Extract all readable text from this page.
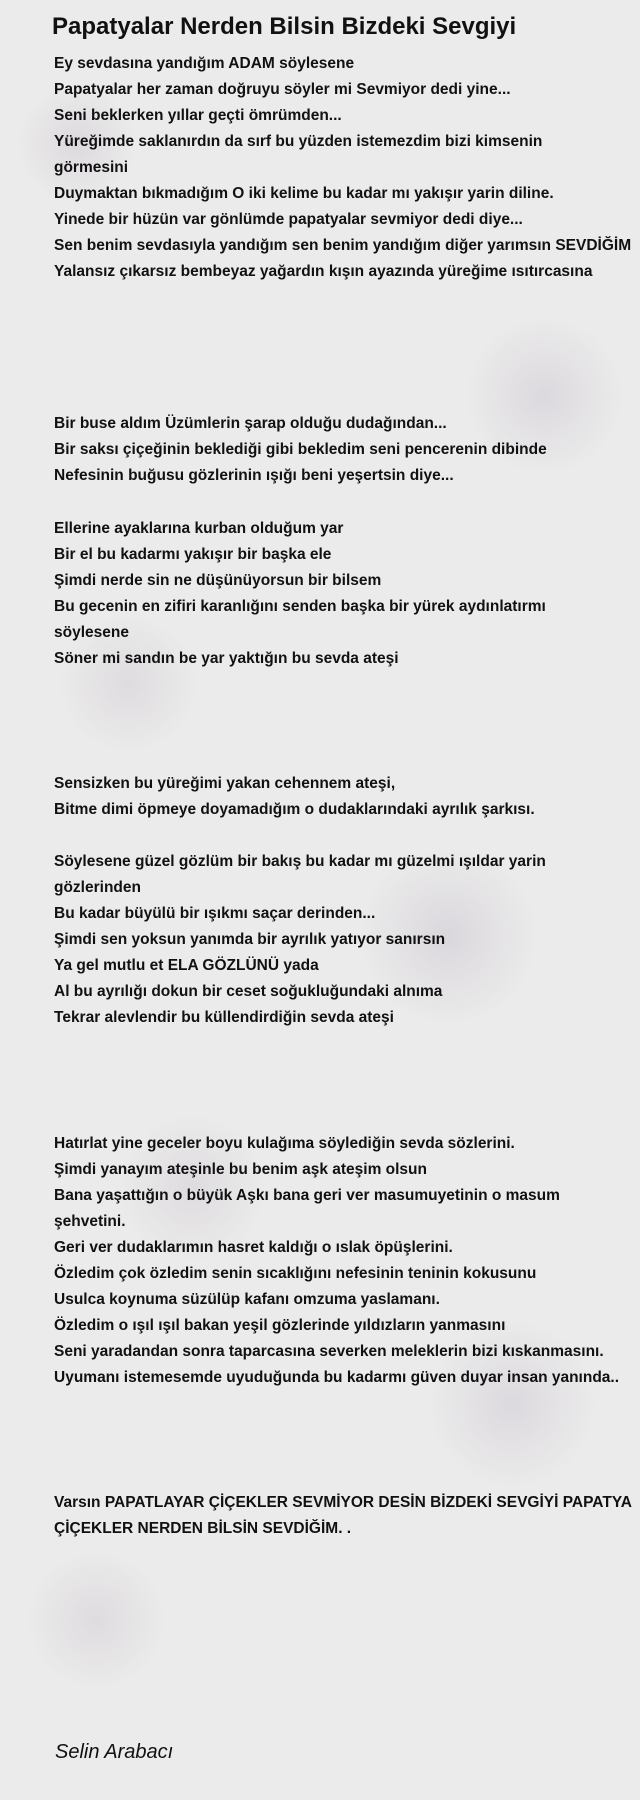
Papatyalar Nerden Bilsin Bizdeki Sevgiyi
Ey sevdasına yandığım ADAM söylesene
Papatyalar her zaman doğruyu söyler mi Sevmiyor dedi yine...
Seni beklerken yıllar geçti ömrümden...
Yüreğimde saklanırdın da sırf bu yüzden istemezdim bizi kimsenin görmesini
Duymaktan bıkmadığım O iki kelime bu kadar mı yakışır yarin diline.
Yinede bir hüzün var gönlümde papatyalar sevmiyor dedi diye...
Sen benim sevdasıyla yandığım sen benim yandığım diğer yarımsın SEVDİĞİM
Yalansız çıkarsız bembeyaz yağardın kışın ayazında yüreğime ısıtırcasına
Bir buse aldım Üzümlerin şarap olduğu dudağından...
Bir saksı çiçeğinin beklediği gibi bekledim seni pencerenin dibinde
Nefesinin buğusu gözlerinin ışığı beni yeşertsin diye...
Ellerine ayaklarına kurban olduğum yar
Bir el bu kadarmı yakışır bir başka ele
Şimdi nerde sin ne düşünüyorsun bir bilsem
Bu gecenin en zifiri karanlığını senden başka bir yürek aydınlatırmı söylesene
Söner mi sandın be yar yaktığın bu sevda ateşi
Sensizken bu yüreğimi yakan cehennem ateşi,
Bitme dimi öpmeye doyamadığım o dudaklarındaki ayrılık şarkısı.
Söylesene güzel gözlüm bir bakış bu kadar mı güzelmi ışıldar yarin gözlerinden
Bu kadar büyülü bir ışıkmı saçar derinden...
Şimdi sen yoksun yanımda bir ayrılık yatıyor sanırsın
Ya gel mutlu et ELA GÖZLÜNÜ yada
Al bu ayrılığı dokun bir ceset soğukluğundaki alnıma
Tekrar alevlendir bu küllendirdiğin sevda ateşi
Hatırlat yine geceler boyu kulağıma söylediğin sevda sözlerini.
Şimdi yanayım ateşinle bu benim aşk ateşim olsun
Bana yaşattığın o büyük Aşkı bana geri ver masumuyetinin o masum şehvetini.
Geri ver dudaklarımın hasret kaldığı o ıslak öpüşlerini.
Özledim çok özledim senin sıcaklığını nefesinin teninin kokusunu
Usulca koynuma süzülüp kafanı omzuma yaslamanı.
Özledim o ışıl ışıl bakan yeşil gözlerinde yıldızların yanmasını
Seni yaradandan sonra taparcasına severken meleklerin bizi kıskanmasını.
Uyumanı istemesemde uyuduğunda bu kadarmı güven duyar insan yanında..
Varsın PAPATLAYAR ÇİÇEKLER SEVMİYOR DESİN BİZDEKİ SEVGİYİ PAPATYA
ÇİÇEKLER NERDEN BİLSİN SEVDİĞİM. .

Selin Arabacı
